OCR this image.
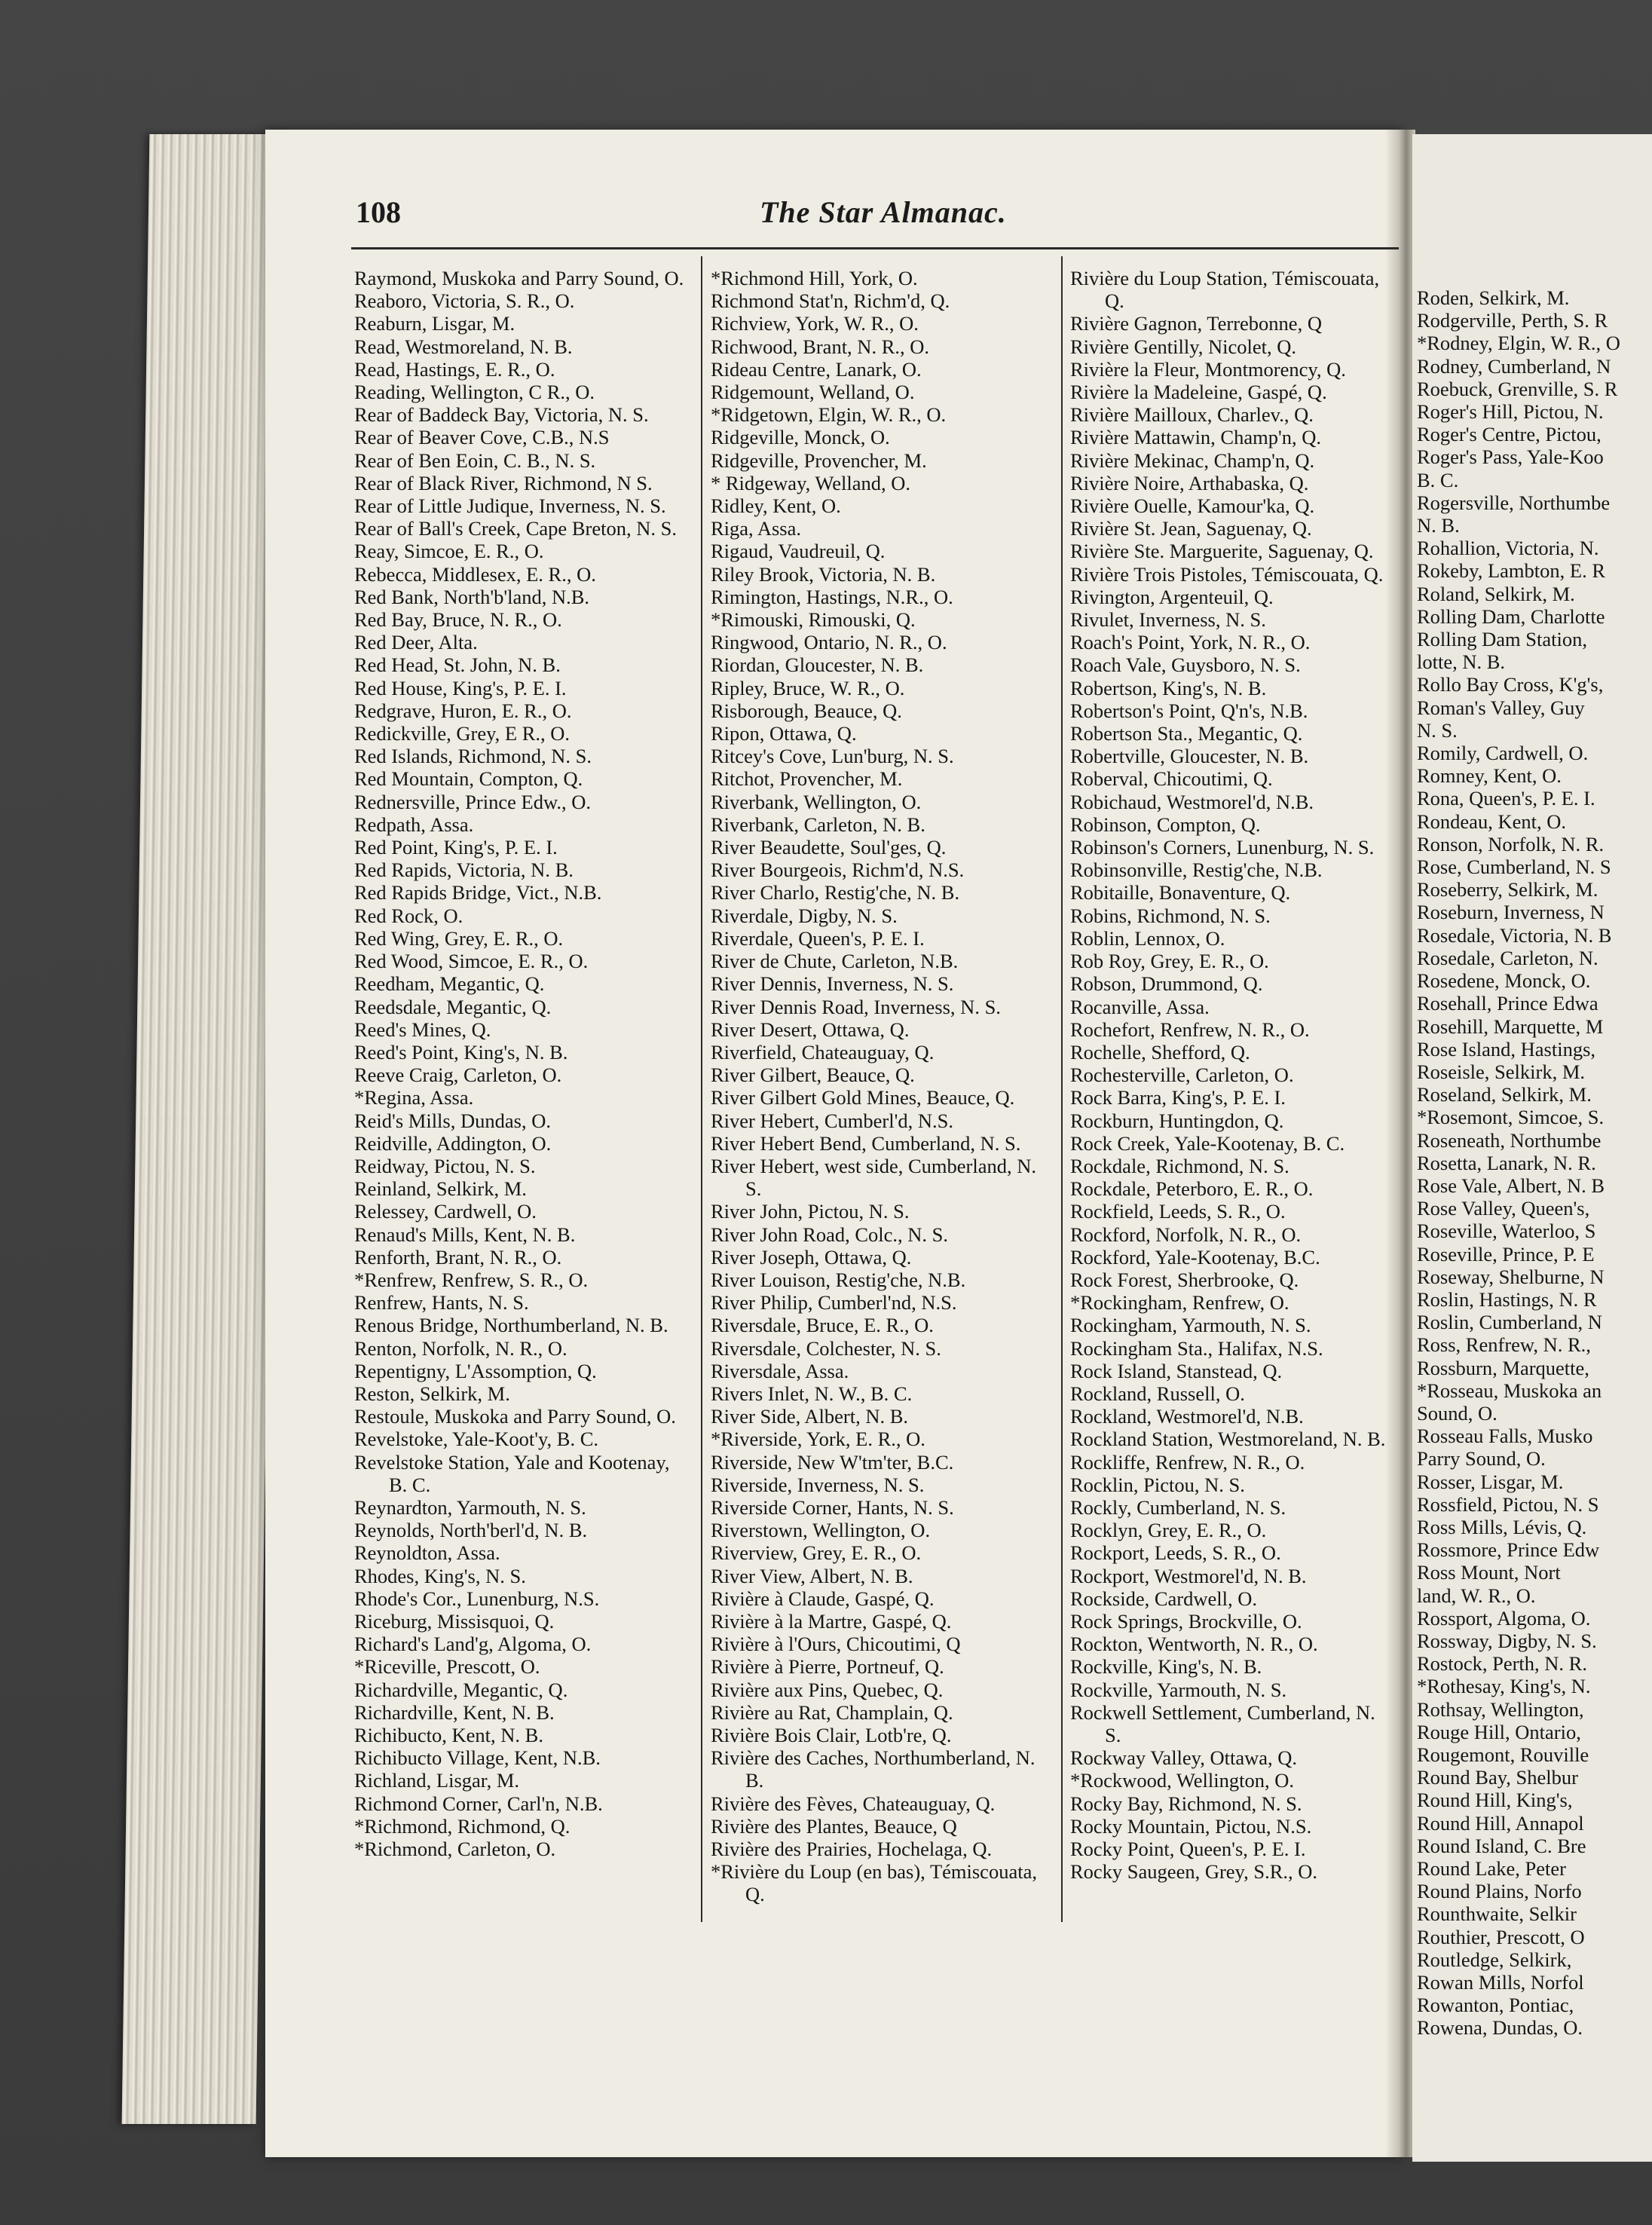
108	The Star Almanac.
Raymond, Muskoka and Parry Sound, O.
Reaboro, Victoria, S. R., O.
Reaburn, Lisgar, M.
Read, Westmoreland, N. B.
Read, Hastings, E. R., O.
Reading, Wellington, C R., O.
Rear of Baddeck Bay, Victoria, N. S.
Rear of Beaver Cove, C.B., N.S
Rear of Ben Eoin, C. B., N. S.
Rear of Black River, Richmond, N S.
Rear of Little Judique, Inverness, N. S.
Rear of Ball's Creek, Cape Breton, N. S.
Reay, Simcoe, E. R., O.
Rebecca, Middlesex, E. R., O.
Red Bank, North'b'land, N.B.
Red Bay, Bruce, N. R., O.
Red Deer, Alta.
Red Head, St. John, N. B.
Red House, King's, P. E. I.
Redgrave, Huron, E. R., O.
Redickville, Grey, E R., O.
Red Islands, Richmond, N. S.
Red Mountain, Compton, Q.
Rednersville, Prince Edw., O.
Redpath, Assa.
Red Point, King's, P. E. I.
Red Rapids, Victoria, N. B.
Red Rapids Bridge, Vict., N.B.
Red Rock, O.
Red Wing, Grey, E. R., O.
Red Wood, Simcoe, E. R., O.
Reedham, Megantic, Q.
Reedsdale, Megantic, Q.
Reed's Mines, Q.
Reed's Point, King's, N. B.
Reeve Craig, Carleton, O.
*Regina, Assa.
Reid's Mills, Dundas, O.
Reidville, Addington, O.
Reidway, Pictou, N. S.
Reinland, Selkirk, M.
Relessey, Cardwell, O.
Renaud's Mills, Kent, N. B.
Renforth, Brant, N. R., O.
*Renfrew, Renfrew, S. R., O.
Renfrew, Hants, N. S.
Renous Bridge, Northumberland, N. B.
Renton, Norfolk, N. R., O.
Repentigny, L'Assomption, Q.
Reston, Selkirk, M.
Restoule, Muskoka and Parry Sound, O.
Revelstoke, Yale-Koot'y, B. C.
Revelstoke Station, Yale and Kootenay, B. C.
Reynardton, Yarmouth, N. S.
Reynolds, North'berl'd, N. B.
Reynoldton, Assa.
Rhodes, King's, N. S.
Rhode's Cor., Lunenburg, N.S.
Riceburg, Missisquoi, Q.
Richard's Land'g, Algoma, O.
*Riceville, Prescott, O.
Richardville, Megantic, Q.
Richardville, Kent, N. B.
Richibucto, Kent, N. B.
Richibucto Village, Kent, N.B.
Richland, Lisgar, M.
Richmond Corner, Carl'n, N.B.
*Richmond, Richmond, Q.
*Richmond, Carleton, O.
*Richmond Hill, York, O.
Richmond Stat'n, Richm'd, Q.
Richview, York, W. R., O.
Richwood, Brant, N. R., O.
Rideau Centre, Lanark, O.
Ridgemount, Welland, O.
*Ridgetown, Elgin, W. R., O.
Ridgeville, Monck, O.
Ridgeville, Provencher, M.
* Ridgeway, Welland, O.
Ridley, Kent, O.
Riga, Assa.
Rigaud, Vaudreuil, Q.
Riley Brook, Victoria, N. B.
Rimington, Hastings, N.R., O.
*Rimouski, Rimouski, Q.
Ringwood, Ontario, N. R., O.
Riordan, Gloucester, N. B.
Ripley, Bruce, W. R., O.
Risborough, Beauce, Q.
Ripon, Ottawa, Q.
Ritcey's Cove, Lun'burg, N. S.
Ritchot, Provencher, M.
Riverbank, Wellington, O.
Riverbank, Carleton, N. B.
River Beaudette, Soul'ges, Q.
River Bourgeois, Richm'd, N.S.
River Charlo, Restig'che, N. B.
Riverdale, Digby, N. S.
Riverdale, Queen's, P. E. I.
River de Chute, Carleton, N.B.
River Dennis, Inverness, N. S.
River Dennis Road, Inverness, N. S.
River Desert, Ottawa, Q.
Riverfield, Chateauguay, Q.
River Gilbert, Beauce, Q.
River Gilbert Gold Mines, Beauce, Q.
River Hebert, Cumberl'd, N.S.
River Hebert Bend, Cumberland, N. S.
River Hebert, west side, Cumberland, N. S.
River John, Pictou, N. S.
River John Road, Colc., N. S.
River Joseph, Ottawa, Q.
River Louison, Restig'che, N.B.
River Philip, Cumberl'nd, N.S.
Riversdale, Bruce, E. R., O.
Riversdale, Colchester, N. S.
Riversdale, Assa.
Rivers Inlet, N. W., B. C.
River Side, Albert, N. B.
*Riverside, York, E. R., O.
Riverside, New W'tm'ter, B.C.
Riverside, Inverness, N. S.
Riverside Corner, Hants, N. S.
Riverstown, Wellington, O.
Riverview, Grey, E. R., O.
River View, Albert, N. B.
Rivière à Claude, Gaspé, Q.
Rivière à la Martre, Gaspé, Q.
Rivière à l'Ours, Chicoutimi, Q
Rivière à Pierre, Portneuf, Q.
Rivière aux Pins, Quebec, Q.
Rivière au Rat, Champlain, Q.
Rivière Bois Clair, Lotb're, Q.
Rivière des Caches, Northumberland, N. B.
Rivière des Fèves, Chateauguay, Q.
Rivière des Plantes, Beauce, Q
Rivière des Prairies, Hochelaga, Q.
*Rivière du Loup (en bas), Témiscouata, Q.
Rivière du Loup Station, Témiscouata, Q.
Rivière Gagnon, Terrebonne, Q
Rivière Gentilly, Nicolet, Q.
Rivière la Fleur, Montmorency, Q.
Rivière la Madeleine, Gaspé, Q.
Rivière Mailloux, Charlev., Q.
Rivière Mattawin, Champ'n, Q.
Rivière Mekinac, Champ'n, Q.
Rivière Noire, Arthabaska, Q.
Rivière Ouelle, Kamour'ka, Q.
Rivière St. Jean, Saguenay, Q.
Rivière Ste. Marguerite, Saguenay, Q.
Rivière Trois Pistoles, Témiscouata, Q.
Rivington, Argenteuil, Q.
Rivulet, Inverness, N. S.
Roach's Point, York, N. R., O.
Roach Vale, Guysboro, N. S.
Robertson, King's, N. B.
Robertson's Point, Q'n's, N.B.
Robertson Sta., Megantic, Q.
Robertville, Gloucester, N. B.
Roberval, Chicoutimi, Q.
Robichaud, Westmorel'd, N.B.
Robinson, Compton, Q.
Robinson's Corners, Lunenburg, N. S.
Robinsonville, Restig'che, N.B.
Robitaille, Bonaventure, Q.
Robins, Richmond, N. S.
Roblin, Lennox, O.
Rob Roy, Grey, E. R., O.
Robson, Drummond, Q.
Rocanville, Assa.
Rochefort, Renfrew, N. R., O.
Rochelle, Shefford, Q.
Rochesterville, Carleton, O.
Rock Barra, King's, P. E. I.
Rockburn, Huntingdon, Q.
Rock Creek, Yale-Kootenay, B. C.
Rockdale, Richmond, N. S.
Rockdale, Peterboro, E. R., O.
Rockfield, Leeds, S. R., O.
Rockford, Norfolk, N. R., O.
Rockford, Yale-Kootenay, B.C.
Rock Forest, Sherbrooke, Q.
*Rockingham, Renfrew, O.
Rockingham, Yarmouth, N. S.
Rockingham Sta., Halifax, N.S.
Rock Island, Stanstead, Q.
Rockland, Russell, O.
Rockland, Westmorel'd, N.B.
Rockland Station, Westmoreland, N. B.
Rockliffe, Renfrew, N. R., O.
Rocklin, Pictou, N. S.
Rockly, Cumberland, N. S.
Rocklyn, Grey, E. R., O.
Rockport, Leeds, S. R., O.
Rockport, Westmorel'd, N. B.
Rockside, Cardwell, O.
Rock Springs, Brockville, O.
Rockton, Wentworth, N. R., O.
Rockville, King's, N. B.
Rockville, Yarmouth, N. S.
Rockwell Settlement, Cumberland, N. S.
Rockway Valley, Ottawa, Q.
*Rockwood, Wellington, O.
Rocky Bay, Richmond, N. S.
Rocky Mountain, Pictou, N.S.
Rocky Point, Queen's, P. E. I.
Rocky Saugeen, Grey, S.R., O.
Roden, Selkirk, M.
Rodgerville, Perth, S. R
*Rodney, Elgin, W. R., O
Rodney, Cumberland, N
Roebuck, Grenville, S. R
Roger's Hill, Pictou, N.
Roger's Centre, Pictou,
Roger's Pass, Yale-Koo
B. C.
Rogersville, Northumbe
N. B.
Rohallion, Victoria, N.
Rokeby, Lambton, E. R
Roland, Selkirk, M.
Rolling Dam, Charlotte
Rolling Dam Station,
lotte, N. B.
Rollo Bay Cross, K'g's,
Roman's Valley, Guy
N. S.
Romily, Cardwell, O.
Romney, Kent, O.
Rona, Queen's, P. E. I.
Rondeau, Kent, O.
Ronson, Norfolk, N. R.
Rose, Cumberland, N. S
Roseberry, Selkirk, M.
Roseburn, Inverness, N
Rosedale, Victoria, N. B
Rosedale, Carleton, N.
Rosedene, Monck, O.
Rosehall, Prince Edwa
Rosehill, Marquette, M
Rose Island, Hastings,
Roseisle, Selkirk, M.
Roseland, Selkirk, M.
*Rosemont, Simcoe, S.
Roseneath, Northumbe
Rosetta, Lanark, N. R.
Rose Vale, Albert, N. B
Rose Valley, Queen's,
Roseville, Waterloo, S
Roseville, Prince, P. E
Roseway, Shelburne, N
Roslin, Hastings, N. R
Roslin, Cumberland, N
Ross, Renfrew, N. R.,
Rossburn, Marquette,
*Rosseau, Muskoka an
Sound, O.
Rosseau Falls, Musko
Parry Sound, O.
Rosser, Lisgar, M.
Rossfield, Pictou, N. S
Ross Mills, Lévis, Q.
Rossmore, Prince Edw
Ross Mount, Nort
land, W. R., O.
Rossport, Algoma, O.
Rossway, Digby, N. S.
Rostock, Perth, N. R.
*Rothesay, King's, N.
Rothsay, Wellington,
Rouge Hill, Ontario,
Rougemont, Rouville
Round Bay, Shelbur
Round Hill, King's,
Round Hill, Annapol
Round Island, C. Bre
Round Lake, Peter
Round Plains, Norfo
Rounthwaite, Selkir
Routhier, Prescott, O
Routledge, Selkirk,
Rowan Mills, Norfol
Rowanton, Pontiac,
Rowena, Dundas, O.
